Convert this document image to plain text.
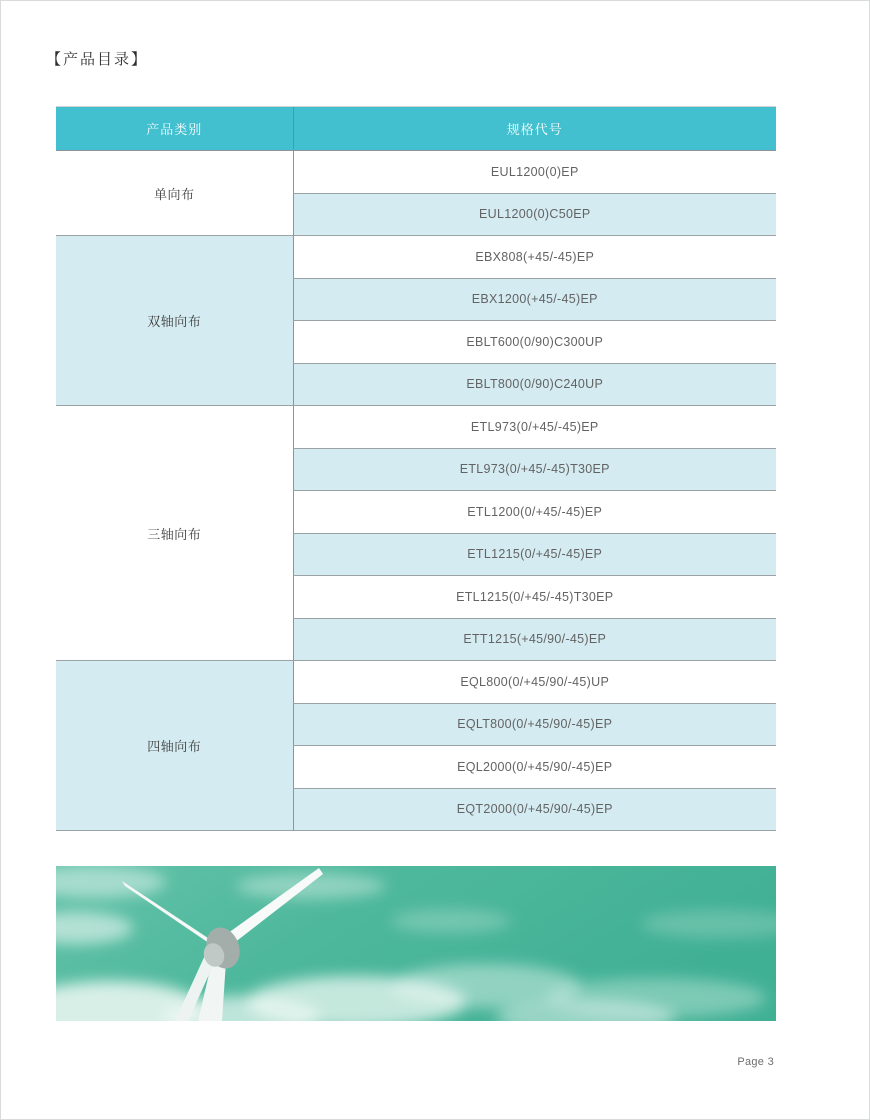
【产品目录】
产品类别	规格代号
单向布	EUL1200(0)EP
	EUL1200(0)C50EP
双轴向布	EBX808(+45/-45)EP
	EBX1200(+45/-45)EP
	EBLT600(0/90)C300UP
	EBLT800(0/90)C240UP
三轴向布	ETL973(0/+45/-45)EP
	ETL973(0/+45/-45)T30EP
	ETL1200(0/+45/-45)EP
	ETL1215(0/+45/-45)EP
	ETL1215(0/+45/-45)T30EP
	ETT1215(+45/90/-45)EP
四轴向布	EQL800(0/+45/90/-45)UP
	EQLT800(0/+45/90/-45)EP
	EQL2000(0/+45/90/-45)EP
	EQT2000(0/+45/90/-45)EP
Page 3
